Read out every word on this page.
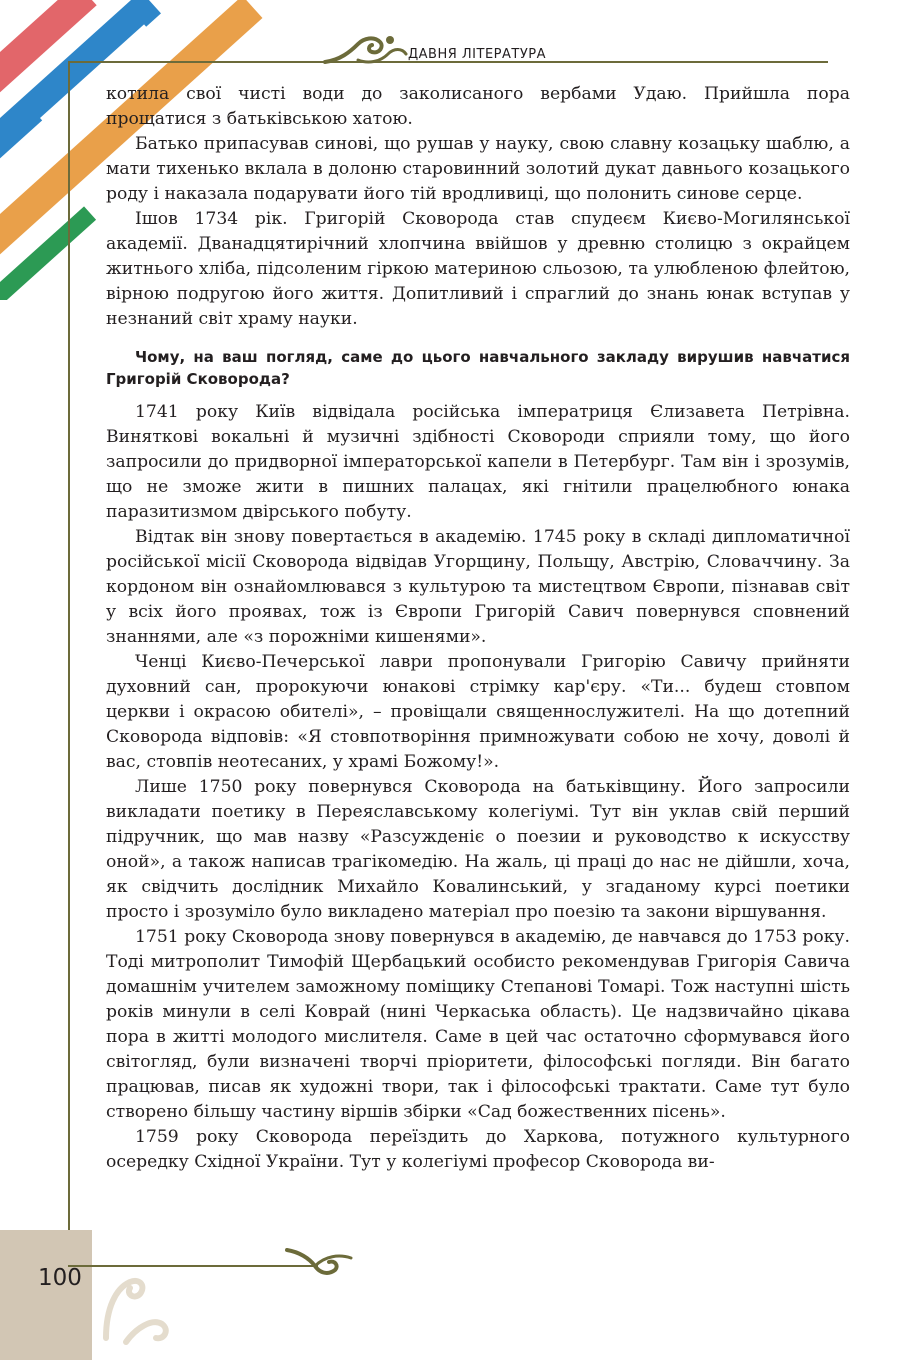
ДАВНЯ ЛІТЕРАТУРА

котила свої чисті води до заколисаного вербами Удаю. Прийшла пора прощатися з батьківською хатою.

Батько припасував синові, що рушав у науку, свою славну козацьку шаблю, а мати тихенько вклала в долоню старовинний золотий дукат давнього козацького роду і наказала подарувати його тій вродливиці, що полонить синове серце.

Ішов 1734 рік. Григорій Сковорода став спудеєм Києво-Могилянської академії. Дванадцятирічний хлопчина ввійшов у древню столицю з окрайцем житнього хліба, підсоленим гіркою материною сльозою, та улюбленою флейтою, вірною подругою його життя. Допитливий і спраглий до знань юнак вступав у незнаний світ храму науки.

Чому, на ваш погляд, саме до цього навчального закладу вирушив навчатися Григорій Сковорода?

1741 року Київ відвідала російська імператриця Єлизавета Петрівна. Виняткові вокальні й музичні здібності Сковороди сприяли тому, що його запросили до придворної імператорської капели в Петербург. Там він і зрозумів, що не зможе жити в пишних палацах, які гнітили працелюбного юнака паразитизмом двірського побуту.

Відтак він знову повертається в академію. 1745 року в складі дипломатичної російської місії Сковорода відвідав Угорщину, Польщу, Австрію, Словаччину. За кордоном він ознайомлювався з культурою та мистецтвом Європи, пізнавав світ у всіх його проявах, тож із Європи Григорій Савич повернувся сповнений знаннями, але «з порожніми кишенями».

Ченці Києво-Печерської лаври пропонували Григорію Савичу прийняти духовний сан, пророкуючи юнакові стрімку кар'єру. «Ти... будеш стовпом церкви і окрасою обителі», – провіщали священнослужителі. На що дотепний Сковорода відповів: «Я стовпотворіння примножувати собою не хочу, доволі й вас, стовпів неотесаних, у храмі Божому!».

Лише 1750 року повернувся Сковорода на батьківщину. Його запросили викладати поетику в Переяславському колегіумі. Тут він уклав свій перший підручник, що мав назву «Разсужденіє о поезии и руководство к искусству оной», а також написав трагікомедію. На жаль, ці праці до нас не дійшли, хоча, як свідчить дослідник Михайло Ковалинський, у згаданому курсі поетики просто і зрозуміло було викладено матеріал про поезію та закони віршування.

1751 року Сковорода знову повернувся в академію, де навчався до 1753 року. Тоді митрополит Тимофій Щербацький особисто рекомендував Григорія Савича домашнім учителем заможному поміщику Степанові Томарі. Тож наступні шість років минули в селі Коврай (нині Черкаська область). Це надзвичайно цікава пора в житті молодого мислителя. Саме в цей час остаточно сформувався його світогляд, були визначені творчі пріоритети, філософські погляди. Він багато працював, писав як художні твори, так і філософські трактати. Саме тут було створено більшу частину віршів збірки «Сад божественних пісень».

1759 року Сковорода переїздить до Харкова, потужного культурного осередку Східної України. Тут у колегіумі професор Сковорода ви-

100
